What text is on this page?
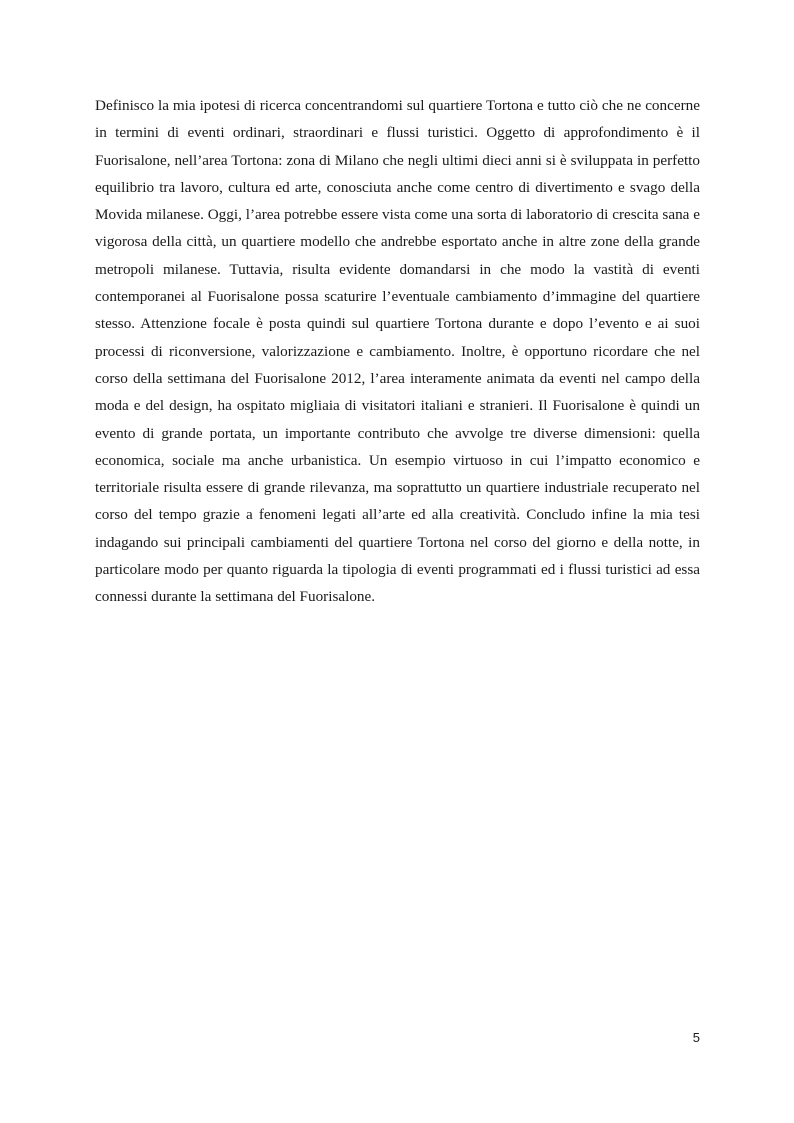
Definisco la mia ipotesi di ricerca concentrandomi sul quartiere Tortona e tutto ciò che ne concerne in termini di eventi ordinari, straordinari e flussi turistici. Oggetto di approfondimento è il Fuorisalone, nell’area Tortona: zona di Milano che negli ultimi dieci anni si è sviluppata in perfetto equilibrio tra lavoro, cultura ed arte, conosciuta anche come centro di divertimento e svago della Movida milanese. Oggi, l’area potrebbe essere vista come una sorta di laboratorio di crescita sana e vigorosa della città, un quartiere modello che andrebbe esportato anche in altre zone della grande metropoli milanese. Tuttavia, risulta evidente domandarsi in che modo la vastità di eventi contemporanei al Fuorisalone possa scaturire l’eventuale cambiamento d’immagine del quartiere stesso. Attenzione focale è posta quindi sul quartiere Tortona durante e dopo l’evento e ai suoi processi di riconversione, valorizzazione e cambiamento. Inoltre, è opportuno ricordare che nel corso della settimana del Fuorisalone 2012, l’area interamente animata da eventi nel campo della moda e del design, ha ospitato migliaia di visitatori italiani e stranieri. Il Fuorisalone è quindi un evento di grande portata, un importante contributo che avvolge tre diverse dimensioni: quella economica, sociale ma anche urbanistica. Un esempio virtuoso in cui l’impatto economico e territoriale risulta essere di grande rilevanza, ma soprattutto un quartiere industriale recuperato nel corso del tempo grazie a fenomeni legati all’arte ed alla creatività. Concludo infine la mia tesi indagando sui principali cambiamenti del quartiere Tortona nel corso del giorno e della notte, in particolare modo per quanto riguarda la tipologia di eventi programmati ed i flussi turistici ad essa connessi durante la settimana del Fuorisalone.

5
